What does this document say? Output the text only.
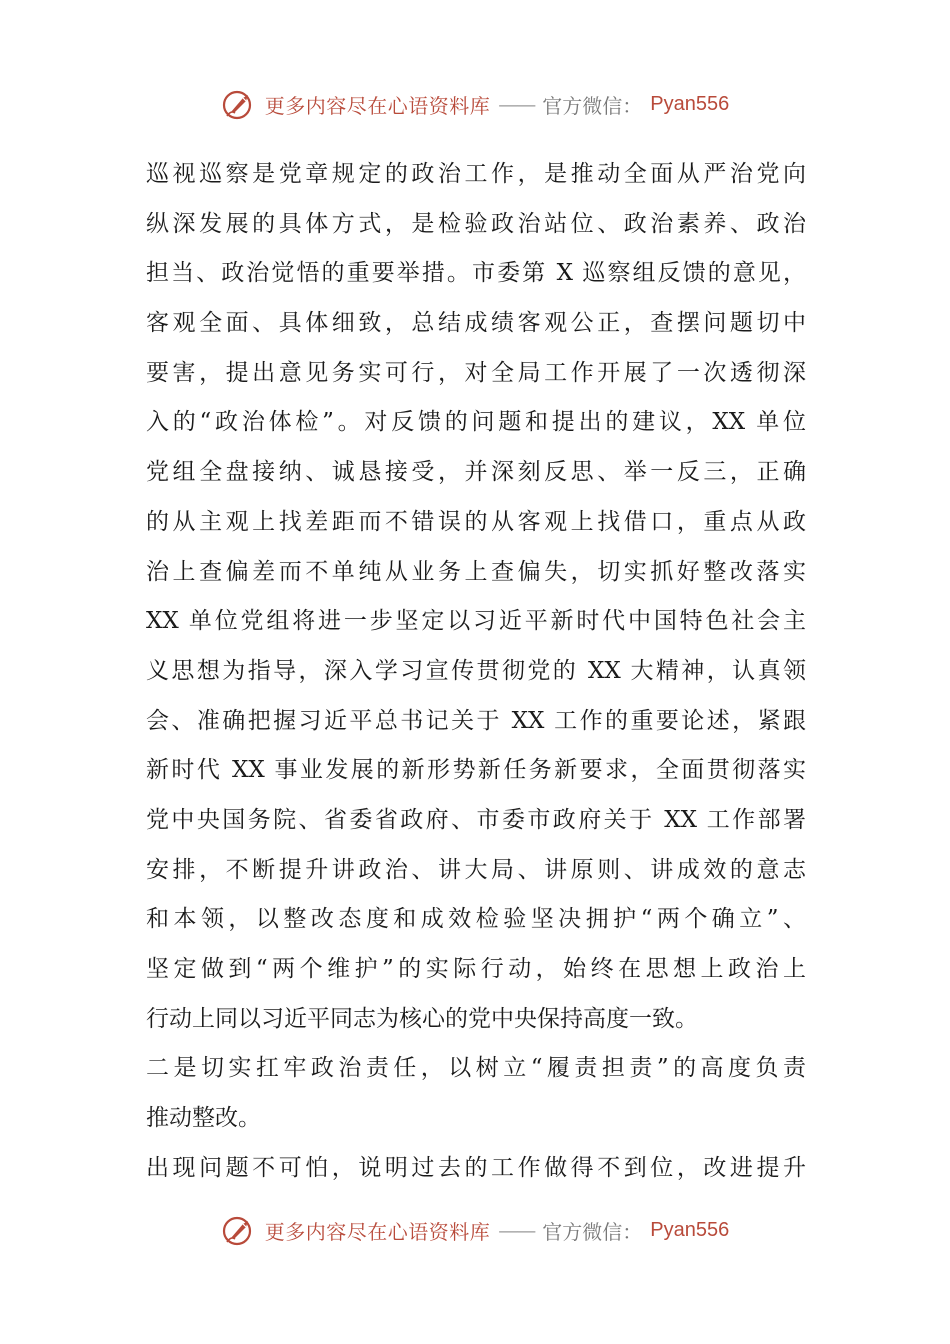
更多内容尽在心语资料库 —— 官方微信： Pyan556
巡视巡察是党章规定的政治工作，是推动全面从严治党向
纵深发展的具体方式，是检验政治站位、政治素养、政治
担当、政治觉悟的重要举措。市委第 X 巡察组反馈的意见，
客观全面、具体细致，总结成绩客观公正，查摆问题切中
要害，提出意见务实可行，对全局工作开展了一次透彻深
入的“政治体检”。对反馈的问题和提出的建议，XX 单位
党组全盘接纳、诚恳接受，并深刻反思、举一反三，正确
的从主观上找差距而不错误的从客观上找借口，重点从政
治上查偏差而不单纯从业务上查偏失，切实抓好整改落实
XX 单位党组将进一步坚定以习近平新时代中国特色社会主
义思想为指导，深入学习宣传贯彻党的 XX 大精神，认真领
会、准确把握习近平总书记关于 XX 工作的重要论述，紧跟
新时代 XX 事业发展的新形势新任务新要求，全面贯彻落实
党中央国务院、省委省政府、市委市政府关于 XX 工作部署
安排，不断提升讲政治、讲大局、讲原则、讲成效的意志
和本领，以整改态度和成效检验坚决拥护“两个确立”、
坚定做到“两个维护”的实际行动，始终在思想上政治上
行动上同以习近平同志为核心的党中央保持高度一致。
二是切实扛牢政治责任，以树立“履责担责”的高度负责
推动整改。
出现问题不可怕，说明过去的工作做得不到位，改进提升
更多内容尽在心语资料库 —— 官方微信： Pyan556
